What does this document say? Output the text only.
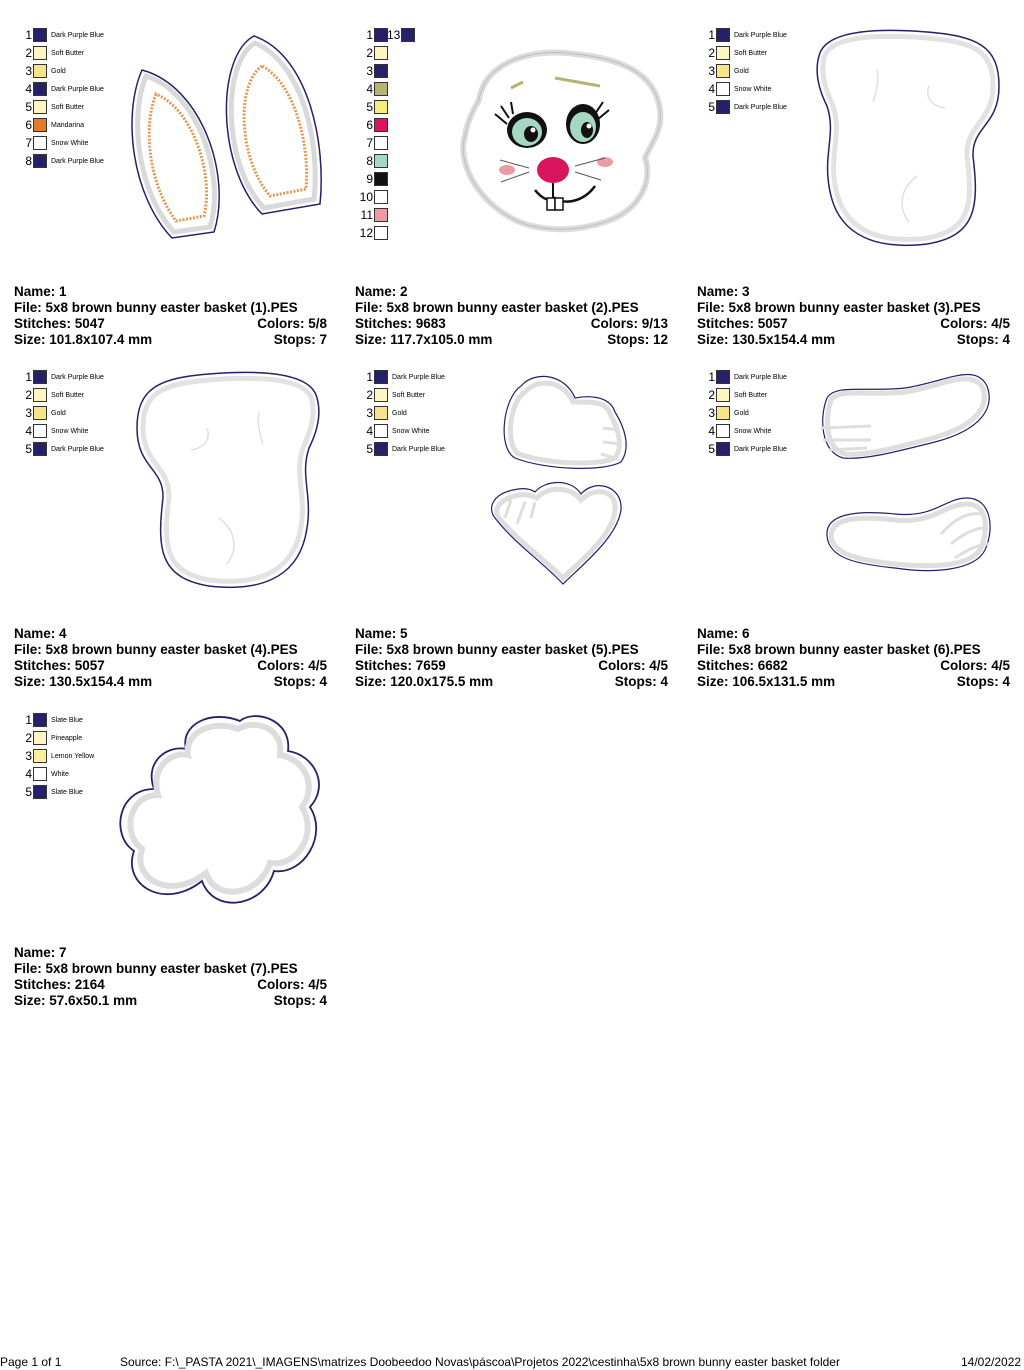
1	Dark Purple Blue
2	Soft Butter
3	Gold
4	Dark Purple Blue
5	Soft Butter
6	Mandarina
7	Snow White
8	Dark Purple Blue
Name: 1
File: 5x8 brown bunny easter basket (1).PES
Stitches: 5047	Colors: 5/8
Size: 101.8x107.4 mm	Stops: 7
1
2
3
4
5
6
7
8
9
10
11
12
13
Name: 2
File: 5x8 brown bunny easter basket (2).PES
Stitches: 9683	Colors: 9/13
Size: 117.7x105.0 mm	Stops: 12
1	Dark Purple Blue
2	Soft Butter
3	Gold
4	Snow White
5	Dark Purple Blue
Name: 3
File: 5x8 brown bunny easter basket (3).PES
Stitches: 5057	Colors: 4/5
Size: 130.5x154.4 mm	Stops: 4
1	Dark Purple Blue
2	Soft Butter
3	Gold
4	Snow White
5	Dark Purple Blue
Name: 4
File: 5x8 brown bunny easter basket (4).PES
Stitches: 5057	Colors: 4/5
Size: 130.5x154.4 mm	Stops: 4
1	Dark Purple Blue
2	Soft Butter
3	Gold
4	Snow White
5	Dark Purple Blue
Name: 5
File: 5x8 brown bunny easter basket (5).PES
Stitches: 7659	Colors: 4/5
Size: 120.0x175.5 mm	Stops: 4
1	Dark Purple Blue
2	Soft Butter
3	Gold
4	Snow White
5	Dark Purple Blue
Name: 6
File: 5x8 brown bunny easter basket (6).PES
Stitches: 6682	Colors: 4/5
Size: 106.5x131.5 mm	Stops: 4
1	Slate Blue
2	Pineapple
3	Lemon Yellow
4	White
5	Slate Blue
Name: 7
File: 5x8 brown bunny easter basket (7).PES
Stitches: 2164	Colors: 4/5
Size: 57.6x50.1 mm	Stops: 4
Page 1 of 1	Source: F:\_PASTA 2021\_IMAGENS\matrizes Doobeedoo Novas\páscoa\Projetos 2022\cestinha\5x8 brown bunny easter basket folder	14/02/2022
